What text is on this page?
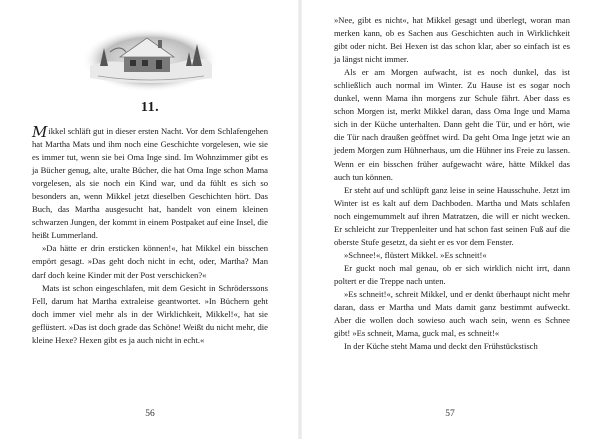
11.

Mikkel schläft gut in dieser ersten Nacht. Vor dem Schlafengehen hat Martha Mats und ihm noch eine Geschichte vorgelesen, wie sie es immer tut, wenn sie bei Oma Inge sind. Im Wohnzimmer gibt es ja Bücher genug, alte, uralte Bücher, die hat Oma Inge schon Mama vorgelesen, als sie noch ein Kind war, und da fühlt es sich so besonders an, wenn Mikkel jetzt dieselben Geschichten hört. Das Buch, das Martha ausgesucht hat, handelt von einem kleinen schwarzen Jungen, der kommt in einem Postpaket auf eine Insel, die heißt Lummerland.

»Da hätte er drin ersticken können!«, hat Mikkel ein bisschen empört gesagt. »Das geht doch nicht in echt, oder, Martha? Man darf doch keine Kinder mit der Post verschicken?«

Mats ist schon eingeschlafen, mit dem Gesicht in Schröderssons Fell, darum hat Martha extraleise geantwortet. »In Büchern geht doch immer viel mehr als in der Wirklichkeit, Mikkel!«, hat sie geflüstert. »Das ist doch grade das Schöne! Weißt du nicht mehr, die kleine Hexe? Hexen gibt es ja auch nicht in echt.«

56

»Nee, gibt es nicht«, hat Mikkel gesagt und überlegt, woran man merken kann, ob es Sachen aus Geschichten auch in Wirklichkeit gibt oder nicht. Bei Hexen ist das schon klar, aber so einfach ist es ja längst nicht immer.

Als er am Morgen aufwacht, ist es noch dunkel, das ist schließlich auch normal im Winter. Zu Hause ist es sogar noch dunkel, wenn Mama ihn morgens zur Schule fährt. Aber dass es schon Morgen ist, merkt Mikkel daran, dass Oma Inge und Mama sich in der Küche unterhalten. Dann geht die Tür, und er hört, wie die Tür nach draußen geöffnet wird. Da geht Oma Inge jetzt wie an jedem Morgen zum Hühnerhaus, um die Hühner ins Freie zu lassen. Wenn er ein bisschen früher aufgewacht wäre, hätte Mikkel das auch tun können.

Er steht auf und schlüpft ganz leise in seine Hausschuhe. Jetzt im Winter ist es kalt auf dem Dachboden. Martha und Mats schlafen noch eingemummelt auf ihren Matratzen, die will er nicht wecken. Er schleicht zur Treppenleiter und hat schon fast seinen Fuß auf die oberste Stufe gesetzt, da sieht er es vor dem Fenster.

»Schnee!«, flüstert Mikkel. »Es schneit!«

Er guckt noch mal genau, ob er sich wirklich nicht irrt, dann poltert er die Treppe nach unten.

»Es schneit!«, schreit Mikkel, und er denkt überhaupt nicht mehr daran, dass er Martha und Mats damit ganz bestimmt aufweckt. Aber die wollen doch sowieso auch wach sein, wenn es Schnee gibt! »Es schneit, Mama, guck mal, es schneit!«

In der Küche steht Mama und deckt den Frühstückstisch

57
